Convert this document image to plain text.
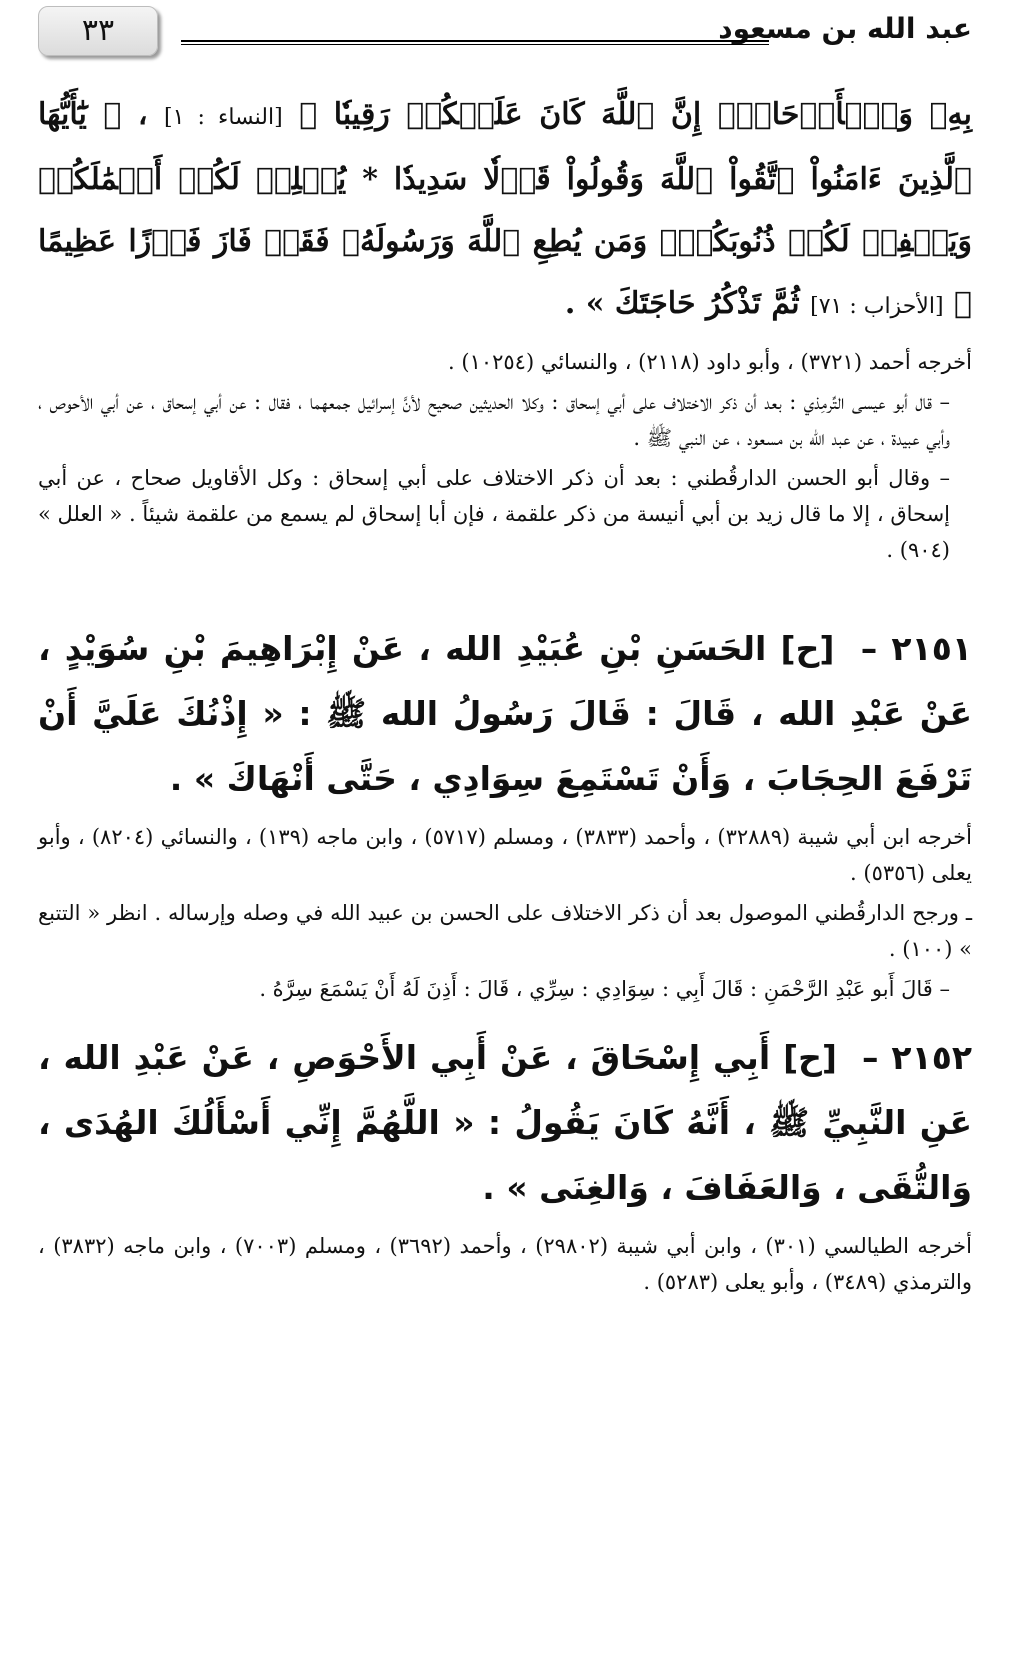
عبد الله بن مسعود
٣٣
بِهِۦ وَٱلۡأَرۡحَامَۚ إِنَّ ٱللَّهَ كَانَ عَلَيۡكُمۡ رَقِيبٗا ﴾ [النساء : ١] ، ﴿ يَٰٓأَيُّهَا ٱلَّذِينَ ءَامَنُواْ ٱتَّقُواْ ٱللَّهَ وَقُولُواْ قَوۡلٗا سَدِيدٗا * يُصۡلِحۡ لَكُمۡ أَعۡمَٰلَكُمۡ وَيَغۡفِرۡ لَكُمۡ ذُنُوبَكُمۡۗ وَمَن يُطِعِ ٱللَّهَ وَرَسُولَهُۥ فَقَدۡ فَازَ فَوۡزًا عَظِيمًا ﴾ [الأحزاب : ٧١] ثُمَّ تَذْكُرُ حَاجَتَكَ » .

أخرجه أحمد (٣٧٢١) ، وأبو داود (٢١١٨) ، والنسائي (١٠٢٥٤) .

– قال أبو عيسى التِّرمِذي : بعد أن ذكر الاختلاف على أبي إسحاق : وكلا الحديثين صحيح لأنَّ إسرائيل جمعهما ، فقال : عن أبي إسحاق ، عن أبي الأحوص ، وأبي عبيدة ، عن عبد الله بن مسعود ، عن النبي ﷺ .

– وقال أبو الحسن الدارقُطني : بعد أن ذكر الاختلاف على أبي إسحاق : وكل الأقاويل صحاح ، عن أبي إسحاق ، إلا ما قال زيد بن أبي أنيسة من ذكر علقمة ، فإن أبا إسحاق لم يسمع من علقمة شيئاً . « العلل » (٩٠٤) .

٢١٥١ – [ح] الحَسَنِ بْنِ عُبَيْدِ الله ، عَنْ إِبْرَاهِيمَ بْنِ سُوَيْدٍ ، عَنْ عَبْدِ الله ، قَالَ : قَالَ رَسُولُ الله ﷺ : « إِذْنُكَ عَلَيَّ أَنْ تَرْفَعَ الحِجَابَ ، وَأَنْ تَسْتَمِعَ سِوَادِي ، حَتَّى أَنْهَاكَ » .

أخرجه ابن أبي شيبة (٣٢٨٨٩) ، وأحمد (٣٨٣٣) ، ومسلم (٥٧١٧) ، وابن ماجه (١٣٩) ، والنسائي (٨٢٠٤) ، وأبو يعلى (٥٣٥٦) .

ـ ورجح الدارقُطني الموصول بعد أن ذكر الاختلاف على الحسن بن عبيد الله في وصله وإرساله . انظر « التتبع » (١٠٠) .

– قَالَ أَبو عَبْدِ الرَّحْمَنِ : قَالَ أَبِي : سِوَادِي : سِرِّي ، قَالَ : أَذِنَ لَهُ أَنْ يَسْمَعَ سِرَّهُ .

٢١٥٢ – [ح] أَبِي إِسْحَاقَ ، عَنْ أَبِي الأَحْوَصِ ، عَنْ عَبْدِ الله ، عَنِ النَّبِيِّ ﷺ ، أَنَّهُ كَانَ يَقُولُ : « اللَّهُمَّ إِنِّي أَسْأَلُكَ الهُدَى ، وَالتُّقَى ، وَالعَفَافَ ، وَالغِنَى » .

أخرجه الطيالسي (٣٠١) ، وابن أبي شيبة (٢٩٨٠٢) ، وأحمد (٣٦٩٢) ، ومسلم (٧٠٠٣) ، وابن ماجه (٣٨٣٢) ، والترمذي (٣٤٨٩) ، وأبو يعلى (٥٢٨٣) .
